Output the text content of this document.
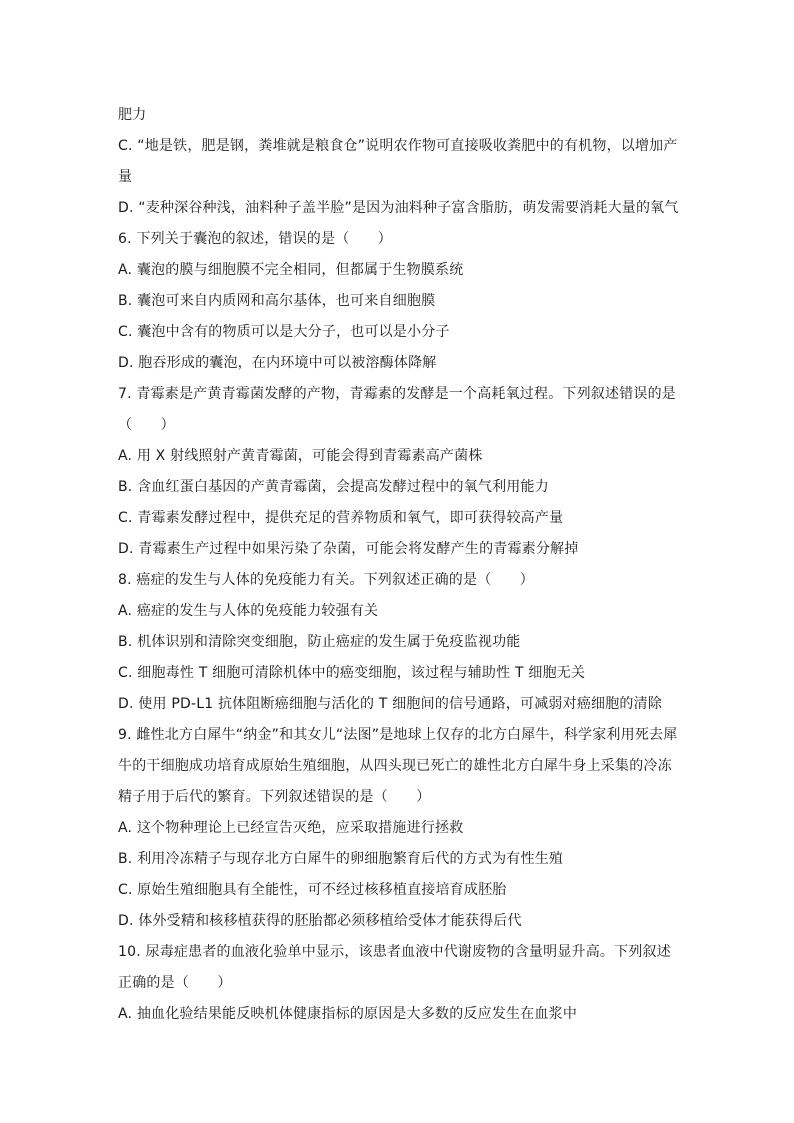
肥力
C. “地是铁，肥是钢，粪堆就是粮食仓”说明农作物可直接吸收粪肥中的有机物，以增加产
量
D. “麦种深谷种浅，油料种子盖半脸”是因为油料种子富含脂肪，萌发需要消耗大量的氧气
6. 下列关于囊泡的叙述，错误的是（　　）
A. 囊泡的膜与细胞膜不完全相同，但都属于生物膜系统
B. 囊泡可来自内质网和高尔基体，也可来自细胞膜
C. 囊泡中含有的物质可以是大分子，也可以是小分子
D. 胞吞形成的囊泡，在内环境中可以被溶酶体降解
7. 青霉素是产黄青霉菌发酵的产物，青霉素的发酵是一个高耗氧过程。下列叙述错误的是
（　　）
A. 用 X 射线照射产黄青霉菌，可能会得到青霉素高产菌株
B. 含血红蛋白基因的产黄青霉菌，会提高发酵过程中的氧气利用能力
C. 青霉素发酵过程中，提供充足的营养物质和氧气，即可获得较高产量
D. 青霉素生产过程中如果污染了杂菌，可能会将发酵产生的青霉素分解掉
8. 癌症的发生与人体的免疫能力有关。下列叙述正确的是（　　）
A. 癌症的发生与人体的免疫能力较强有关
B. 机体识别和清除突变细胞，防止癌症的发生属于免疫监视功能
C. 细胞毒性 T 细胞可清除机体中的癌变细胞，该过程与辅助性 T 细胞无关
D. 使用 PD-L1 抗体阻断癌细胞与活化的 T 细胞间的信号通路，可减弱对癌细胞的清除
9. 雌性北方白犀牛“纳金”和其女儿“法图”是地球上仅存的北方白犀牛，科学家利用死去犀
牛的干细胞成功培育成原始生殖细胞，从四头现已死亡的雄性北方白犀牛身上采集的冷冻
精子用于后代的繁育。下列叙述错误的是（　　）
A. 这个物种理论上已经宣告灭绝，应采取措施进行拯救
B. 利用冷冻精子与现存北方白犀牛的卵细胞繁育后代的方式为有性生殖
C. 原始生殖细胞具有全能性，可不经过核移植直接培育成胚胎
D. 体外受精和核移植获得的胚胎都必须移植给受体才能获得后代
10. 尿毒症患者的血液化验单中显示，该患者血液中代谢废物的含量明显升高。下列叙述
正确的是（　　）
A. 抽血化验结果能反映机体健康指标的原因是大多数的反应发生在血浆中
